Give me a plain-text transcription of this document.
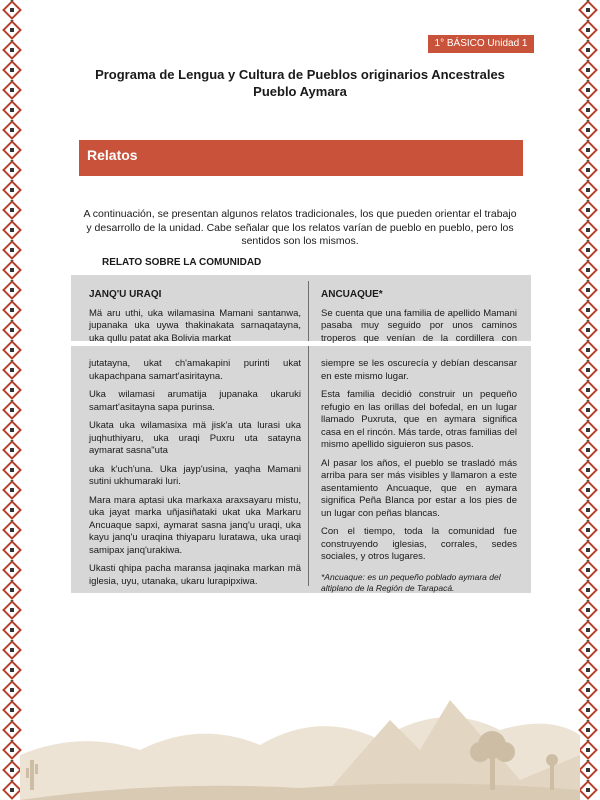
1° BÁSICO Unidad 1
Programa de Lengua y Cultura de Pueblos originarios Ancestrales
Pueblo Aymara
Relatos
A continuación, se presentan algunos relatos tradicionales, los que pueden orientar el trabajo y desarrollo de la unidad. Cabe señalar que los relatos varían de pueblo en pueblo, pero los sentidos son los mismos.
RELATO SOBRE LA COMUNIDAD
JANQ'U URAQI

Mä aru uthi, uka wilamasina Mamani santanwa, jupanaka uka uywa thakinakata sarnaqatayna, uka qullu patat aka Bolivia markat

ANCUAQUE*

Se cuenta que una familia de apellido Mamani pasaba muy seguido por unos caminos troperos que venían de la cordillera con

jutatayna, ukat ch'amakapini purinti ukat ukapachpana samart'asiritayna.

Uka wilamasi arumatija jupanaka ukaruki samart'asitayna sapa purinsa.

Ukata uka wilamasixa mä jisk'a uta lurasi uka juqhuthiyaru, uka uraqi Puxru uta satayna aymarat sasna"uta

uka k'uch'una. Uka jayp'usina, yaqha Mamani sutini ukhumaraki luri.

Mara mara aptasi uka markaxa araxsayaru mistu, uka jayat marka uñjasiñataki ukat uka Markaru Ancuaque sapxi, aymarat sasna janq'u uraqi, uka kayu janq'u uraqina thiyaparu luratawa, uka uraqi samipax janq'urakiwa.

Ukasti qhipa pacha maransa jaqinaka markan mä iglesia, uyu, utanaka, ukaru lurapipxiwa.

siempre se les oscurecía y debían descansar en este mismo lugar.

Esta familia decidió construir un pequeño refugio en las orillas del bofedal, en un lugar llamado Puxruta, que en aymara significa casa en el rincón. Más tarde, otras familias del mismo apellido siguieron sus pasos.

Al pasar los años, el pueblo se trasladó más arriba para ser más visibles y llamaron a este asentamiento Ancuaque, que en aymara significa Peña Blanca por estar a los pies de un lugar con peñas blancas.

Con el tiempo, toda la comunidad fue construyendo iglesias, corrales, sedes sociales, y otros lugares.

*Ancuaque: es un pequeño poblado aymara del altiplano de la Región de Tarapacá.
